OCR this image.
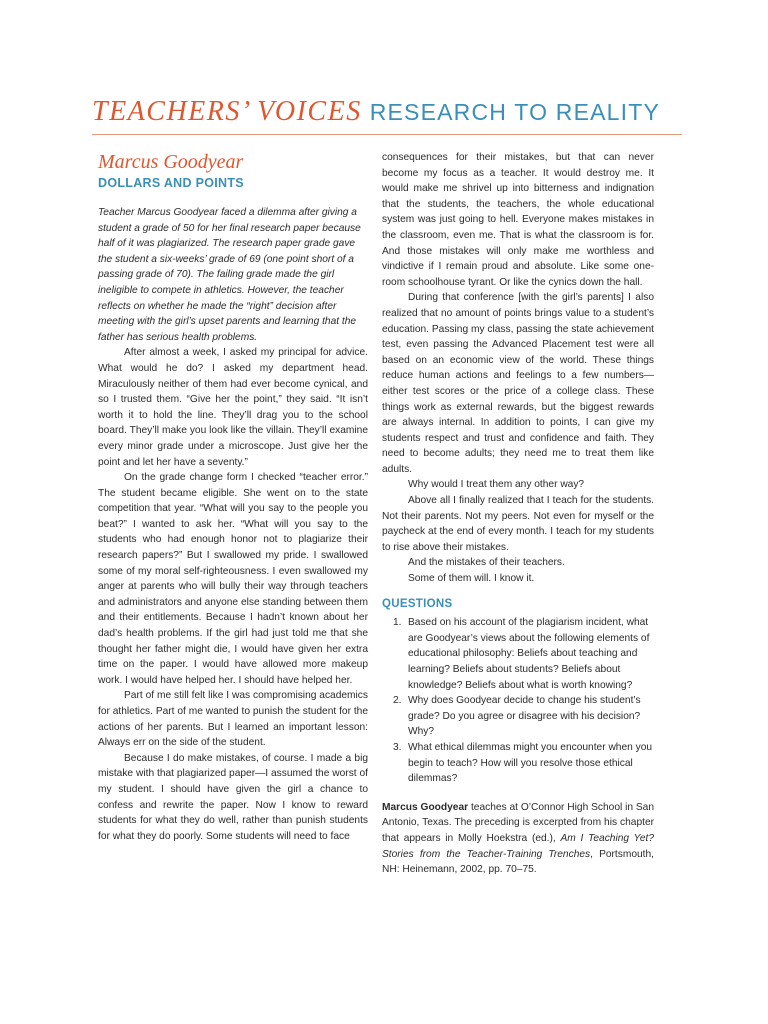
TEACHERS’ VOICES RESEARCH TO REALITY
Marcus Goodyear
DOLLARS AND POINTS

Teacher Marcus Goodyear faced a dilemma after giving a student a grade of 50 for her final research paper because half of it was plagiarized. The research paper grade gave the student a six-weeks’ grade of 69 (one point short of a passing grade of 70). The failing grade made the girl ineligible to compete in athletics. However, the teacher reflects on whether he made the “right” decision after meeting with the girl’s upset parents and learning that the father has serious health problems.

After almost a week, I asked my principal for advice. What would he do? I asked my department head. Miraculously neither of them had ever become cynical, and so I trusted them. “Give her the point,” they said. “It isn’t worth it to hold the line. They’ll drag you to the school board. They’ll make you look like the villain. They’ll examine every minor grade under a microscope. Just give her the point and let her have a seventy.”

On the grade change form I checked “teacher error.” The student became eligible. She went on to the state competition that year. “What will you say to the people you beat?” I wanted to ask her. “What will you say to the students who had enough honor not to plagiarize their research papers?” But I swallowed my pride. I swallowed some of my moral self-righteousness. I even swallowed my anger at parents who will bully their way through teachers and administrators and anyone else standing between them and their entitlements. Because I hadn’t known about her dad’s health problems. If the girl had just told me that she thought her father might die, I would have given her extra time on the paper. I would have allowed more makeup work. I would have helped her. I should have helped her.

Part of me still felt like I was compromising academics for athletics. Part of me wanted to punish the student for the actions of her parents. But I learned an important lesson: Always err on the side of the student.

Because I do make mistakes, of course. I made a big mistake with that plagiarized paper—I assumed the worst of my student. I should have given the girl a chance to confess and rewrite the paper. Now I know to reward students for what they do well, rather than punish students for what they do poorly. Some students will need to face

consequences for their mistakes, but that can never become my focus as a teacher. It would destroy me. It would make me shrivel up into bitterness and indignation that the students, the teachers, the whole educational system was just going to hell. Everyone makes mistakes in the classroom, even me. That is what the classroom is for. And those mistakes will only make me worthless and vindictive if I remain proud and absolute. Like some one-room schoolhouse tyrant. Or like the cynics down the hall.

During that conference [with the girl’s parents] I also realized that no amount of points brings value to a student’s education. Passing my class, passing the state achievement test, even passing the Advanced Placement test were all based on an economic view of the world. These things reduce human actions and feelings to a few numbers—either test scores or the price of a college class. These things work as external rewards, but the biggest rewards are always internal. In addition to points, I can give my students respect and trust and confidence and faith. They need to become adults; they need me to treat them like adults.

Why would I treat them any other way?

Above all I finally realized that I teach for the students. Not their parents. Not my peers. Not even for myself or the paycheck at the end of every month. I teach for my students to rise above their mistakes.

And the mistakes of their teachers.

Some of them will. I know it.

QUESTIONS
1. Based on his account of the plagiarism incident, what are Goodyear’s views about the following elements of educational philosophy: Beliefs about teaching and learning? Beliefs about students? Beliefs about knowledge? Beliefs about what is worth knowing?
2. Why does Goodyear decide to change his student’s grade? Do you agree or disagree with his decision? Why?
3. What ethical dilemmas might you encounter when you begin to teach? How will you resolve those ethical dilemmas?

Marcus Goodyear teaches at O’Connor High School in San Antonio, Texas. The preceding is excerpted from his chapter that appears in Molly Hoekstra (ed.), Am I Teaching Yet? Stories from the Teacher-Training Trenches, Portsmouth, NH: Heinemann, 2002, pp. 70–75.
